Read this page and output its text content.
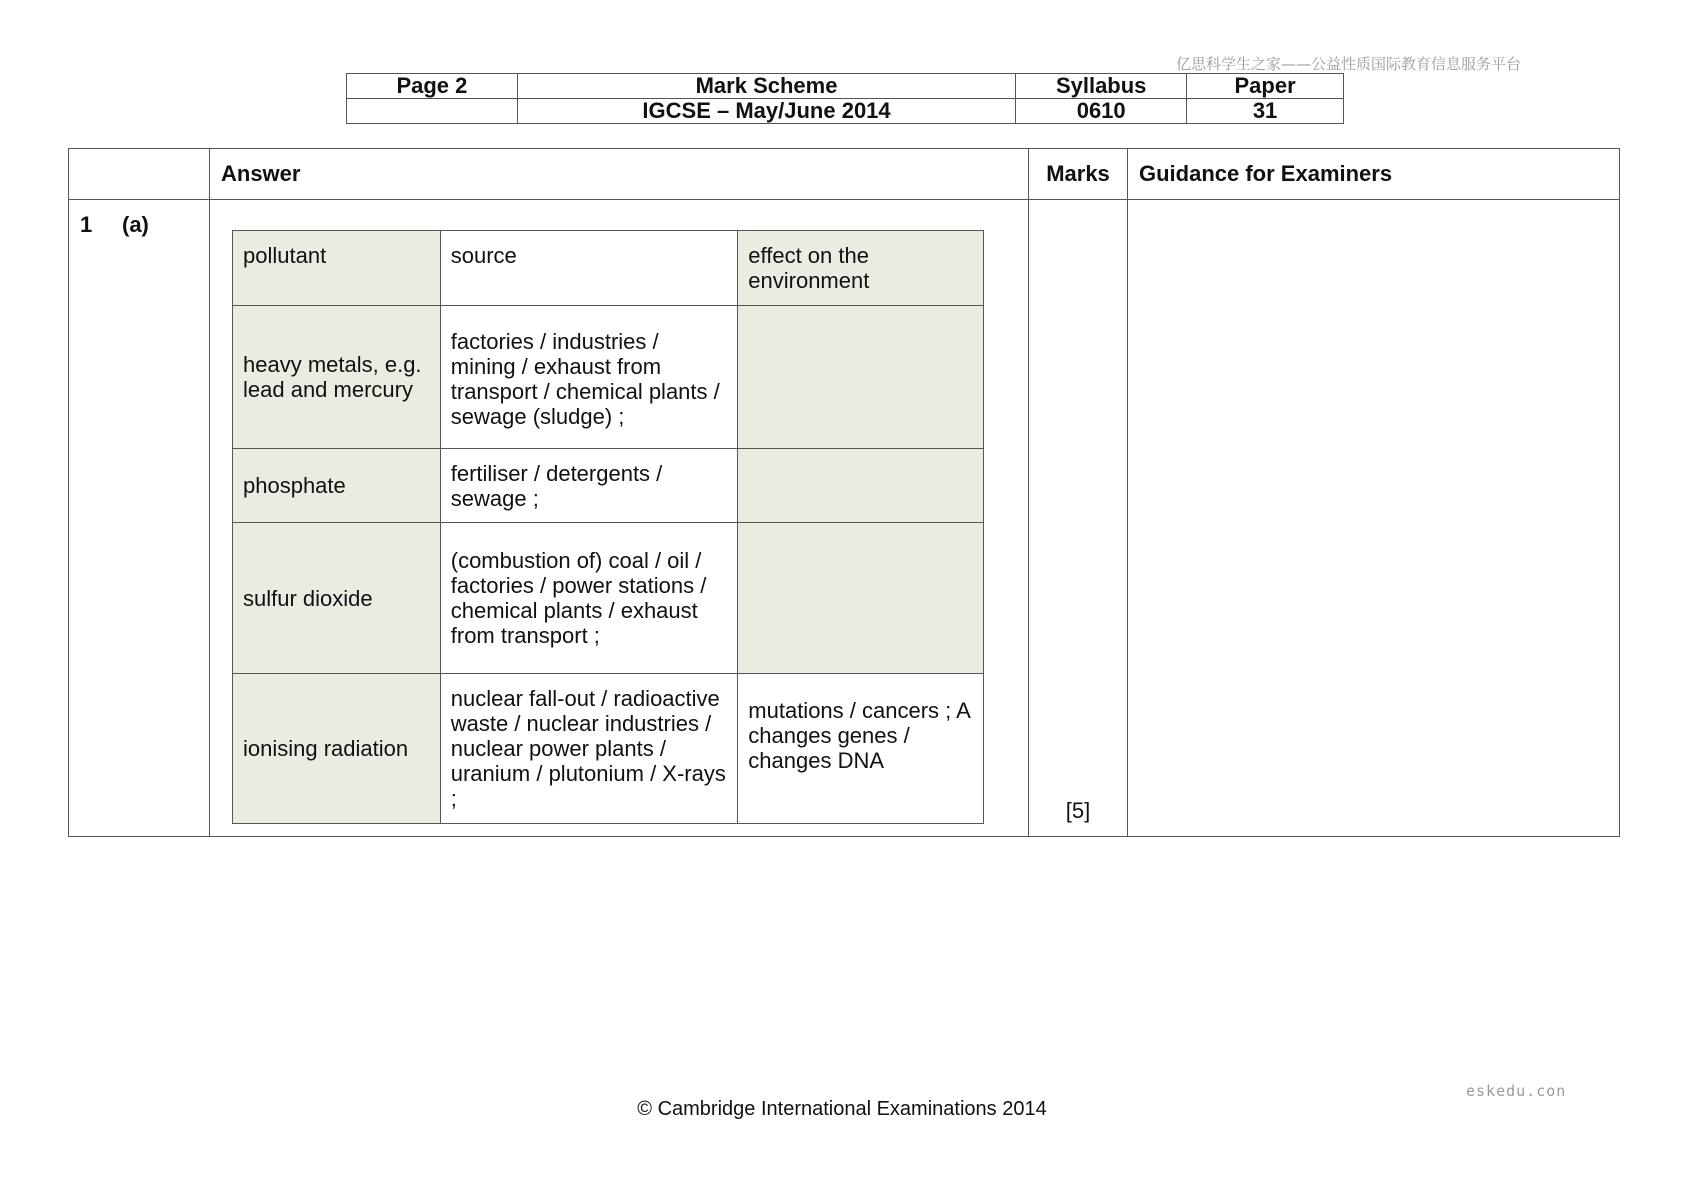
亿思科学生之家——公益性质国际教育信息服务平台
Page 2	Mark Scheme	Syllabus	Paper
	IGCSE – May/June 2014	0610	31
	Answer	Marks	Guidance for Examiners
1 (a)	
pollutant	source	effect on the environment
heavy metals, e.g. lead and mercury	factories / industries / mining / exhaust from transport / chemical plants / sewage (sludge) ;	
phosphate	fertiliser / detergents / sewage ;	
sulfur dioxide	(combustion of) coal / oil / factories / power stations / chemical plants / exhaust from transport ;	
ionising radiation	nuclear fall-out / radioactive waste / nuclear industries / nuclear power plants / uranium / plutonium / X-rays ;	mutations / cancers ; A changes genes / changes DNA

[5]

eskedu.con
© Cambridge International Examinations 2014
